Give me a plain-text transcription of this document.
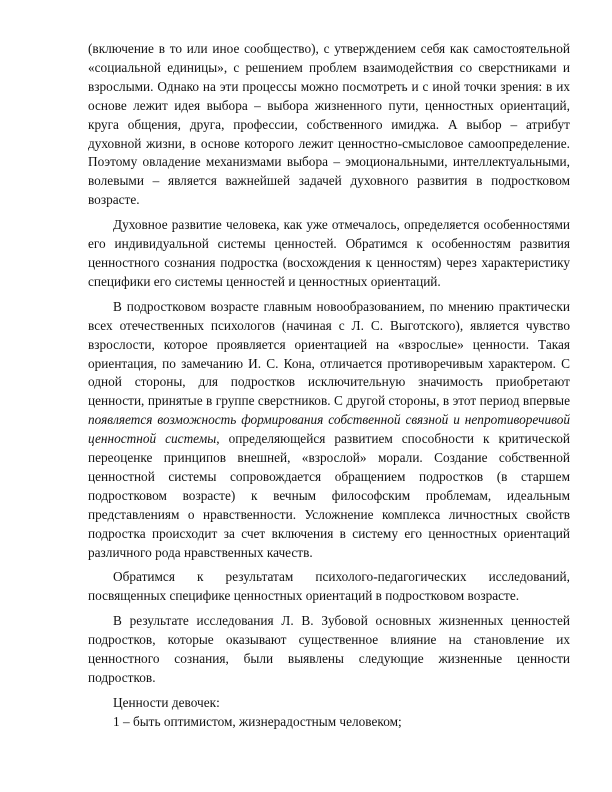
(включение в то или иное сообщество), с утверждением себя как самостоятельной «социальной единицы», с решением проблем взаимодействия со сверстниками и взрослыми. Однако на эти процессы можно посмотреть и с иной точки зрения: в их основе лежит идея выбора – выбора жизненного пути, ценностных ориентаций, круга общения, друга, профессии, собственного имиджа. А выбор – атрибут духовной жизни, в основе которого лежит ценностно-смысловое самоопределение. Поэтому овладение механизмами выбора – эмоциональными, интеллектуальными, волевыми – является важнейшей задачей духовного развития в подростковом возрасте.

Духовное развитие человека, как уже отмечалось, определяется особенностями его индивидуальной системы ценностей. Обратимся к особенностям развития ценностного сознания подростка (восхождения к ценностям) через характеристику специфики его системы ценностей и ценностных ориентаций.

В подростковом возрасте главным новообразованием, по мнению практически всех отечественных психологов (начиная с Л. С. Выготского), является чувство взрослости, которое проявляется ориентацией на «взрослые» ценности. Такая ориентация, по замечанию И. С. Кона, отличается противоречивым характером. С одной стороны, для подростков исключительную значимость приобретают ценности, принятые в группе сверстников. С другой стороны, в этот период впервые появляется возможность формирования собственной связной и непротиворечивой ценностной системы, определяющейся развитием способности к критической переоценке принципов внешней, «взрослой» морали. Создание собственной ценностной системы сопровождается обращением подростков (в старшем подростковом возрасте) к вечным философским проблемам, идеальным представлениям о нравственности. Усложнение комплекса личностных свойств подростка происходит за счет включения в систему его ценностных ориентаций различного рода нравственных качеств.

Обратимся к результатам психолого-педагогических исследований, посвященных специфике ценностных ориентаций в подростковом возрасте.

В результате исследования Л. В. Зубовой основных жизненных ценностей подростков, которые оказывают существенное влияние на становление их ценностного сознания, были выявлены следующие жизненные ценности подростков.

Ценности девочек:

1 – быть оптимистом, жизнерадостным человеком;
